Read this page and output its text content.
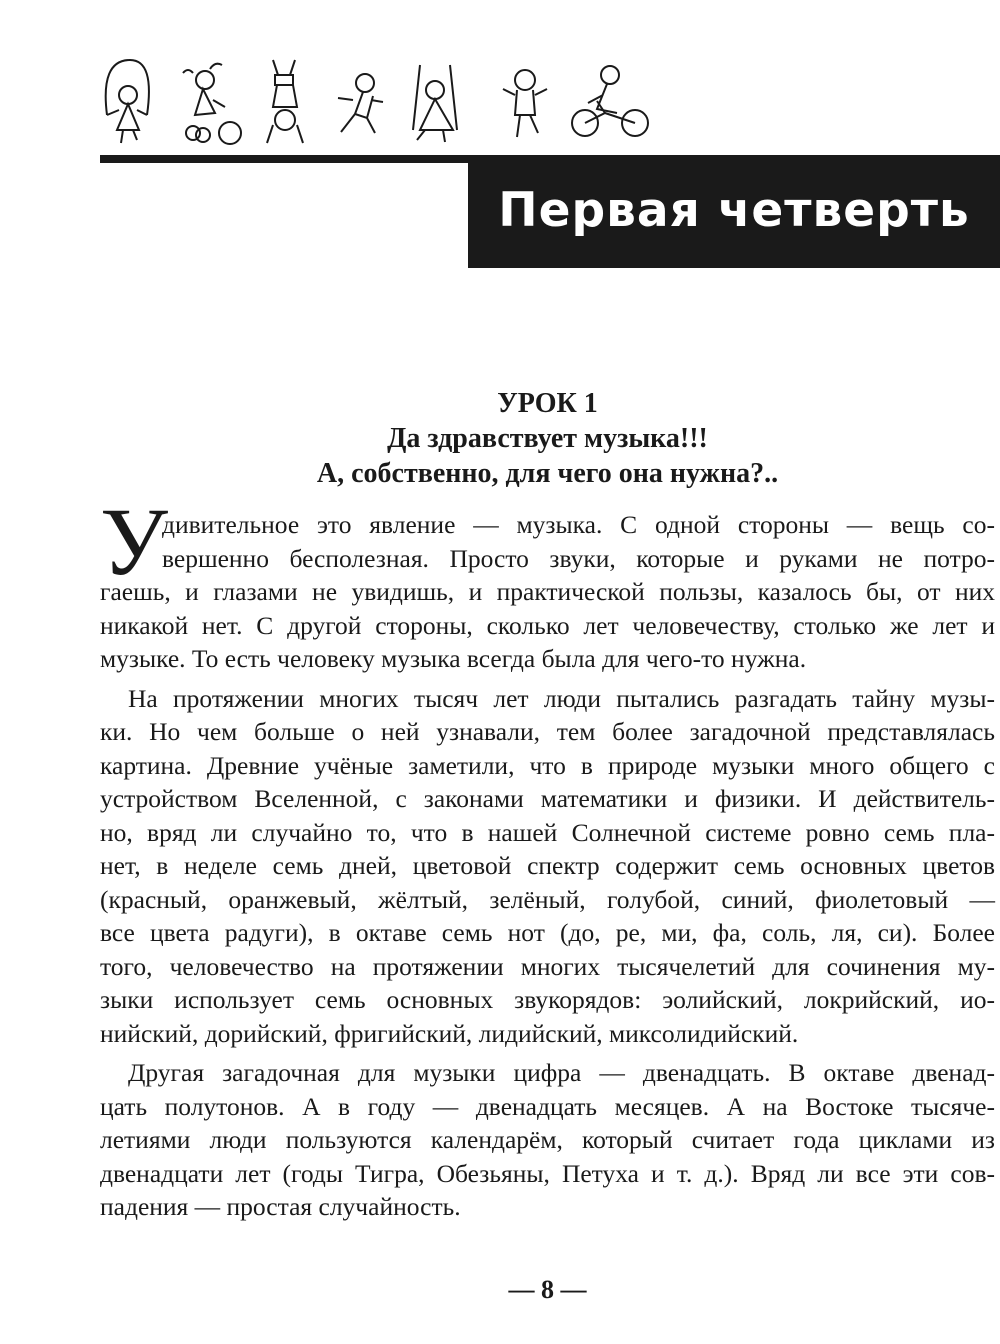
Первая четверть
УРОК 1
Да здравствует музыка!!!
А, собственно, для чего она нужна?..
У
дивительное это явление — музыка. С одной стороны — вещь со-
вершенно бесполезная. Просто звуки, которые и руками не потро-
гаешь, и глазами не увидишь, и практической пользы, казалось бы, от них
никакой нет. С другой стороны, сколько лет человечеству, столько же лет и
музыке. То есть человеку музыка всегда была для чего-то нужна.
На протяжении многих тысяч лет люди пытались разгадать тайну музы-
ки. Но чем больше о ней узнавали, тем более загадочной представлялась
картина. Древние учёные заметили, что в природе музыки много общего с
устройством Вселенной, с законами математики и физики. И действитель-
но, вряд ли случайно то, что в нашей Солнечной системе ровно семь пла-
нет, в неделе семь дней, цветовой спектр содержит семь основных цветов
(красный, оранжевый, жёлтый, зелёный, голубой, синий, фиолетовый —
все цвета радуги), в октаве семь нот (до, ре, ми, фа, соль, ля, си). Более
того, человечество на протяжении многих тысячелетий для сочинения му-
зыки использует семь основных звукорядов: эолийский, локрийский, ио-
нийский, дорийский, фригийский, лидийский, миксолидийский.
Другая загадочная для музыки цифра — двенадцать. В октаве двенад-
цать полутонов. А в году — двенадцать месяцев. А на Востоке тысяче-
летиями люди пользуются календарём, который считает года циклами из
двенадцати лет (годы Тигра, Обезьяны, Петуха и т. д.). Вряд ли все эти сов-
падения — простая случайность.
— 8 —
